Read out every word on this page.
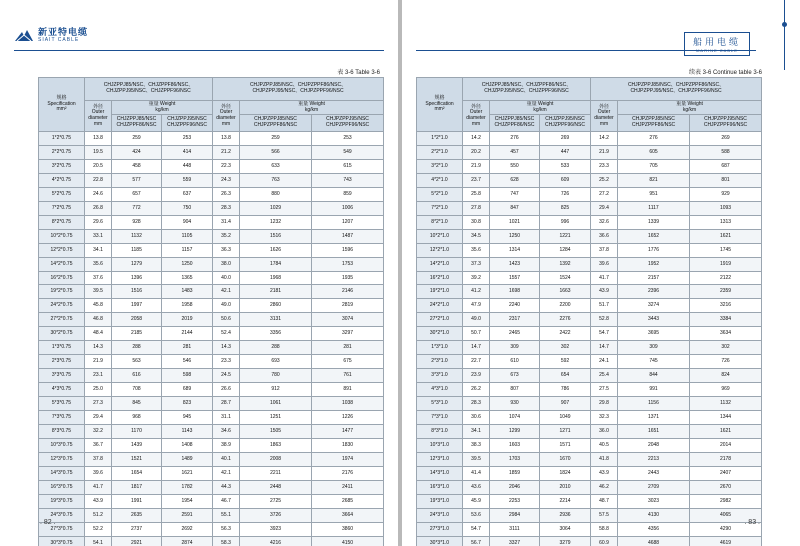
新亚特电缆
SIAIT CABLE
表 3-6 Table 3-6
规格
Specification
mm²	CHJZPPJ85/NSC、CHJZPPF86/NSC、
CHJZPPJ95/NSC、CHJZPPF96/NSC			CHJPZPPJ85/NSC、CHJPZPPF86/NSC、
CHJPZPPJ95/NSC、CHJPZPPF96/NSC		
	外径
Outer
diameter
mm	重量 Weight
kg/km		外径
Outer
diameter
mm	重量 Weight
kg/km	
		CHJZPPJ85/NSC
CHJZPPF86/NSC	CHJZPPJ95/NSC
CHJZPPF96/NSC		CHJPZPPJ85/NSC
CHJPZPPF86/NSC	CHJPZPPJ95/NSC
CHJPZPPF96/NSC
1*2*0.75	13.8	259	253	13.8	259	253
2*2*0.75	19.5	424	414	21.2	566	549
3*2*0.75	20.5	458	448	22.3	633	615
4*2*0.75	22.8	577	559	24.3	763	743
5*2*0.75	24.6	657	637	26.3	880	859
7*2*0.75	26.8	772	750	28.3	1029	1006
8*2*0.75	29.6	928	904	31.4	1232	1207
10*2*0.75	33.1	1132	1105	35.2	1516	1487
12*2*0.75	34.1	1185	1157	36.3	1626	1596
14*2*0.75	35.6	1279	1250	38.0	1784	1753
16*2*0.75	37.6	1396	1365	40.0	1968	1935
19*2*0.75	39.5	1516	1483	42.1	2181	2146
24*2*0.75	45.8	1997	1958	49.0	2860	2819
27*2*0.75	46.8	2058	2019	50.6	3131	3074
30*2*0.75	48.4	2185	2144	52.4	3356	3297
1*3*0.75	14.3	288	281	14.3	288	281
2*3*0.75	21.9	563	546	23.3	693	675
3*3*0.75	23.1	616	598	24.5	780	761
4*3*0.75	25.0	708	689	26.6	912	891
5*3*0.75	27.3	845	823	28.7	1061	1038
7*3*0.75	29.4	968	945	31.1	1251	1226
8*3*0.75	32.2	1170	1143	34.6	1505	1477
10*3*0.75	36.7	1439	1408	38.9	1863	1830
12*3*0.75	37.8	1521	1489	40.1	2008	1974
14*3*0.75	39.6	1654	1621	42.1	2211	2176
16*3*0.75	41.7	1817	1782	44.3	2448	2411
19*3*0.75	43.9	1991	1954	46.7	2725	2685
24*3*0.75	51.2	2635	2591	55.1	3726	3664
27*3*0.75	52.2	2737	2692	56.3	3923	3860
30*3*0.75	54.1	2921	2874	58.3	4216	4150
. 82 .
船用电缆
MARINE CABLE
续表 3-6 Continue table 3-6
规格
Specification
mm²	CHJZPPJ85/NSC、CHJZPPF86/NSC、
CHJZPPJ95/NSC、CHJZPPF96/NSC			CHJPZPPJ85/NSC、CHJPZPPF86/NSC、
CHJPZPPJ95/NSC、CHJPZPPF96/NSC		
	外径
Outer
diameter
mm	重量 Weight
kg/km		外径
Outer
diameter
mm	重量 Weight
kg/km	
		CHJZPPJ85/NSC
CHJZPPF86/NSC	CHJZPPJ95/NSC
CHJZPPF96/NSC		CHJPZPPJ85/NSC
CHJPZPPF86/NSC	CHJPZPPJ95/NSC
CHJPZPPF96/NSC
1*2*1.0	14.2	276	269	14.2	276	269
2*2*1.0	20.2	457	447	21.9	605	588
3*2*1.0	21.9	550	533	23.3	705	687
4*2*1.0	23.7	628	609	25.2	821	801
5*2*1.0	25.8	747	726	27.2	951	929
7*2*1.0	27.8	847	825	29.4	1117	1093
8*2*1.0	30.8	1021	996	32.6	1339	1313
10*2*1.0	34.5	1250	1221	36.6	1652	1621
12*2*1.0	35.6	1314	1284	37.8	1776	1745
14*2*1.0	37.3	1423	1392	39.6	1952	1919
16*2*1.0	39.2	1557	1524	41.7	2157	2122
19*2*1.0	41.2	1698	1663	43.9	2396	2359
24*2*1.0	47.9	2240	2200	51.7	3274	3216
27*2*1.0	49.0	2317	2276	52.8	3443	3384
30*2*1.0	50.7	2465	2422	54.7	3695	3634
1*3*1.0	14.7	309	302	14.7	309	302
2*3*1.0	22.7	610	592	24.1	745	726
3*3*1.0	23.9	673	654	25.4	844	824
4*3*1.0	26.2	807	786	27.5	991	969
5*3*1.0	28.3	930	907	29.8	1156	1132
7*3*1.0	30.6	1074	1049	32.3	1371	1344
8*3*1.0	34.1	1299	1271	36.0	1651	1621
10*3*1.0	38.3	1603	1571	40.5	2048	2014
12*3*1.0	39.5	1703	1670	41.8	2213	2178
14*3*1.0	41.4	1859	1824	43.9	2443	2407
16*3*1.0	43.6	2046	2010	46.2	2709	2670
19*3*1.0	45.9	2253	2214	48.7	3023	2982
24*3*1.0	53.6	2984	2936	57.5	4130	4065
27*3*1.0	54.7	3111	3064	58.8	4356	4290
30*3*1.0	56.7	3327	3279	60.9	4688	4619
. 83 .
